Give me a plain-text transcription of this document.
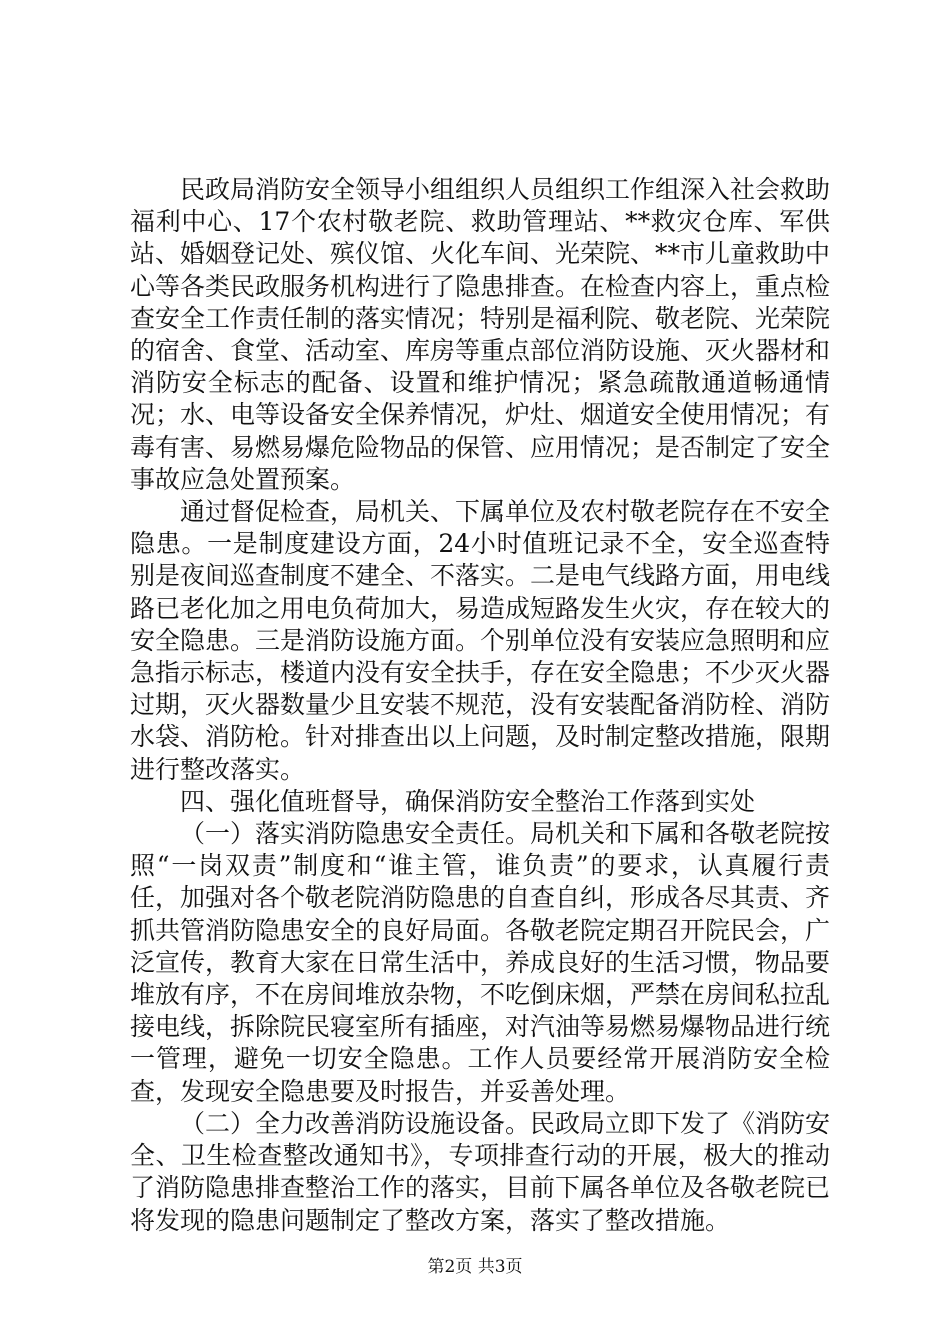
民政局消防安全领导小组组织人员组织工作组深入社会救助福利中心、17个农村敬老院、救助管理站、**救灾仓库、军供站、婚姻登记处、殡仪馆、火化车间、光荣院、**市儿童救助中心等各类民政服务机构进行了隐患排查。在检查内容上，重点检查安全工作责任制的落实情况；特别是福利院、敬老院、光荣院的宿舍、食堂、活动室、库房等重点部位消防设施、灭火器材和消防安全标志的配备、设置和维护情况；紧急疏散通道畅通情况；水、电等设备安全保养情况，炉灶、烟道安全使用情况；有毒有害、易燃易爆危险物品的保管、应用情况；是否制定了安全事故应急处置预案。

通过督促检查，局机关、下属单位及农村敬老院存在不安全隐患。一是制度建设方面，24小时值班记录不全，安全巡查特别是夜间巡查制度不建全、不落实。二是电气线路方面，用电线路已老化加之用电负荷加大，易造成短路发生火灾，存在较大的安全隐患。三是消防设施方面。个别单位没有安装应急照明和应急指示标志，楼道内没有安全扶手，存在安全隐患；不少灭火器过期，灭火器数量少且安装不规范，没有安装配备消防栓、消防水袋、消防枪。针对排查出以上问题，及时制定整改措施，限期进行整改落实。

四、强化值班督导，确保消防安全整治工作落到实处

（一）落实消防隐患安全责任。局机关和下属和各敬老院按照“一岗双责”制度和“谁主管，谁负责”的要求，认真履行责任，加强对各个敬老院消防隐患的自查自纠，形成各尽其责、齐抓共管消防隐患安全的良好局面。各敬老院定期召开院民会，广泛宣传，教育大家在日常生活中，养成良好的生活习惯，物品要堆放有序，不在房间堆放杂物，不吃倒床烟，严禁在房间私拉乱接电线，拆除院民寝室所有插座，对汽油等易燃易爆物品进行统一管理，避免一切安全隐患。工作人员要经常开展消防安全检查，发现安全隐患要及时报告，并妥善处理。

（二）全力改善消防设施设备。民政局立即下发了《消防安全、卫生检查整改通知书》，专项排查行动的开展，极大的推动了消防隐患排查整治工作的落实，目前下属各单位及各敬老院已将发现的隐患问题制定了整改方案，落实了整改措施。

第2页 共3页
